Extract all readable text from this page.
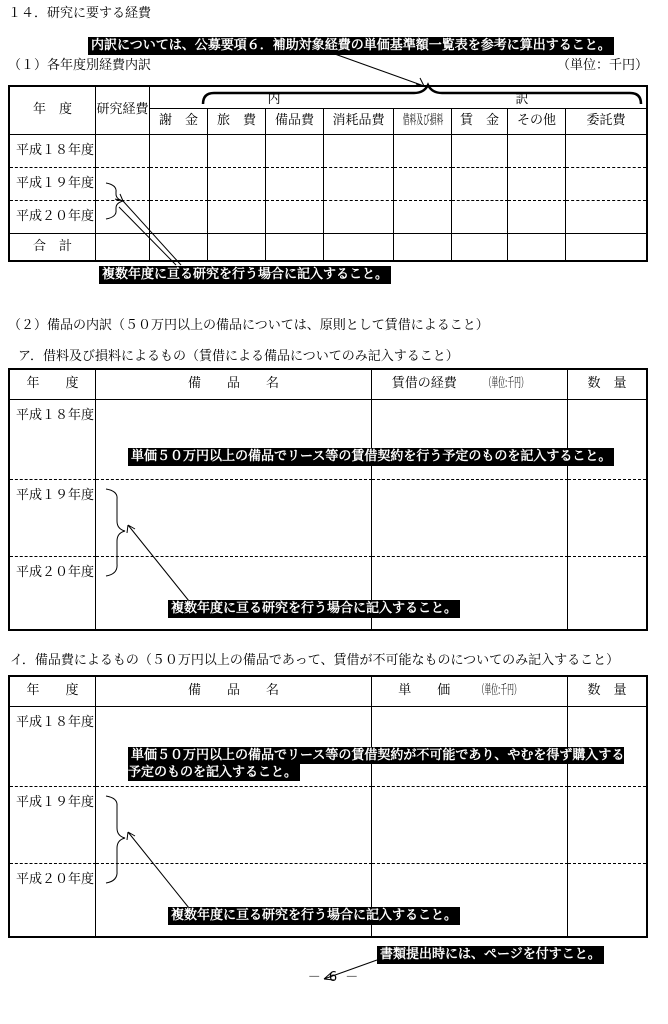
１４．研究に要する経費
内訳については、公募要項６．補助対象経費の単価基準額一覧表を参考に算出すること。
（１）各年度別経費内訳	（単位：千円）
年　度	研究経費
内	訳
謝　金	旅　費	備品費	消耗品費	借料及び損料	賃　金	その他	委託費
平成１８年度
平成１９年度
平成２０年度
合　計
複数年度に亘る研究を行う場合に記入すること。
（２）備品の内訳（５０万円以上の備品については、原則として賃借によること）
ア．借料及び損料によるもの（賃借による備品についてのみ記入すること）
年　　度	備　　品　　名	賃借の経費 （単位:千円）	数　量
平成１８年度
平成１９年度
平成２０年度
単価５０万円以上の備品でリース等の賃借契約を行う予定のものを記入すること。
複数年度に亘る研究を行う場合に記入すること。
イ．備品費によるもの（５０万円以上の備品であって、賃借が不可能なものについてのみ記入すること）
年　　度	備　　品　　名	単　　価 （単位:千円）	数　量
平成１８年度
平成１９年度
平成２０年度
単価５０万円以上の備品でリース等の賃借契約が不可能であり、やむを得ず購入する予定のものを記入すること。
複数年度に亘る研究を行う場合に記入すること。
書類提出時には、ページを付すこと。
－ 6 －
